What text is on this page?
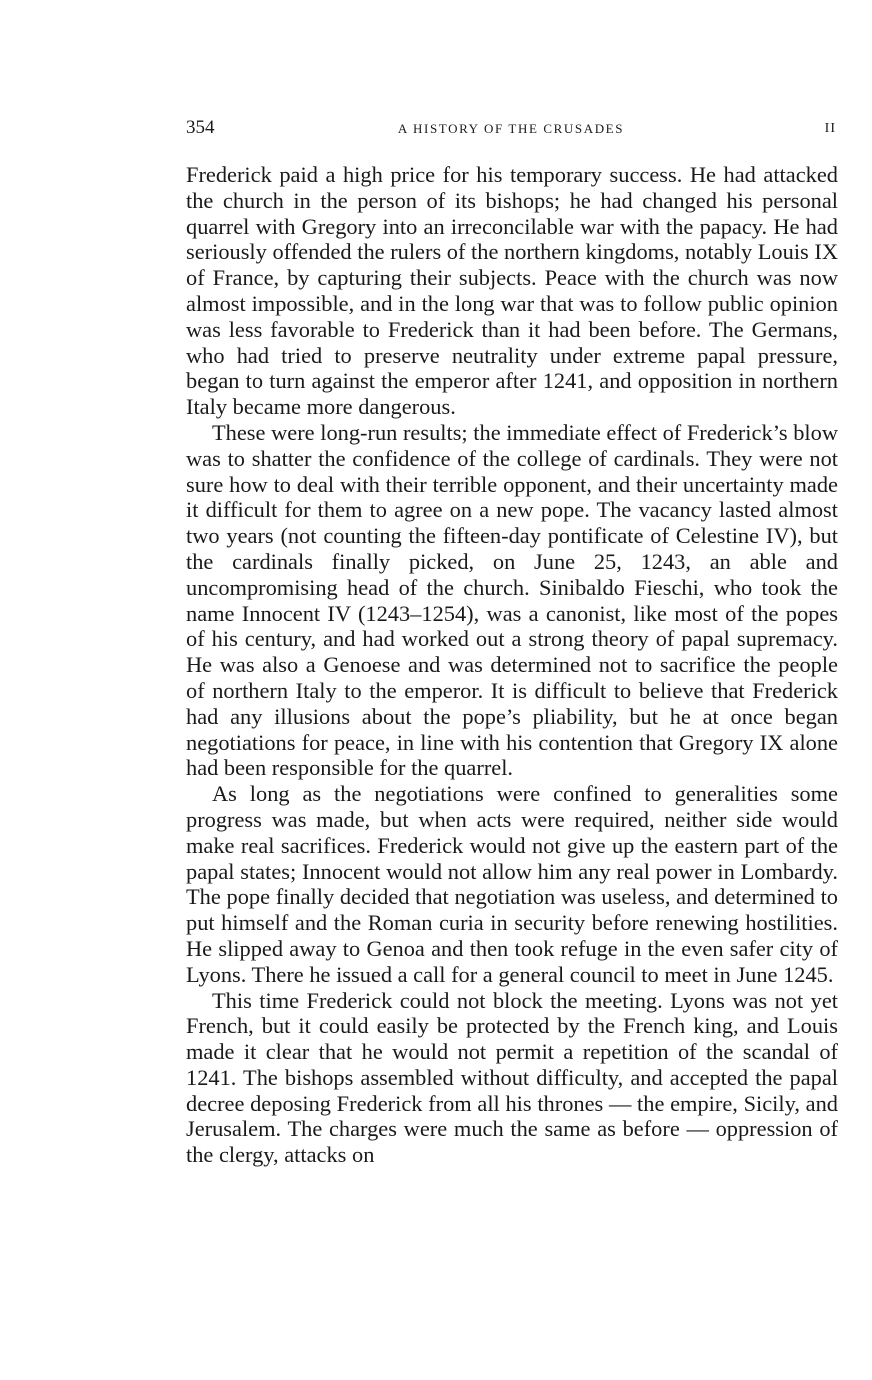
354	A HISTORY OF THE CRUSADES	II

Frederick paid a high price for his temporary success. He had attacked the church in the person of its bishops; he had changed his personal quarrel with Gregory into an irreconcilable war with the papacy. He had seriously offended the rulers of the northern kingdoms, notably Louis IX of France, by capturing their subjects. Peace with the church was now almost impossible, and in the long war that was to follow public opinion was less favorable to Frederick than it had been before. The Germans, who had tried to preserve neutrality under extreme papal pressure, began to turn against the emperor after 1241, and opposition in northern Italy became more dangerous.

These were long-run results; the immediate effect of Frederick’s blow was to shatter the confidence of the college of cardinals. They were not sure how to deal with their terrible opponent, and their uncertainty made it difficult for them to agree on a new pope. The vacancy lasted almost two years (not counting the fifteen-day pontificate of Celestine IV), but the cardinals finally picked, on June 25, 1243, an able and uncompromising head of the church. Sinibaldo Fieschi, who took the name Innocent IV (1243–1254), was a canonist, like most of the popes of his century, and had worked out a strong theory of papal supremacy. He was also a Genoese and was determined not to sacrifice the people of northern Italy to the emperor. It is difficult to believe that Frederick had any illusions about the pope’s pliability, but he at once began negotiations for peace, in line with his contention that Gregory IX alone had been responsible for the quarrel.

As long as the negotiations were confined to generalities some progress was made, but when acts were required, neither side would make real sacrifices. Frederick would not give up the eastern part of the papal states; Innocent would not allow him any real power in Lombardy. The pope finally decided that negotiation was useless, and determined to put himself and the Roman curia in security before renewing hostilities. He slipped away to Genoa and then took refuge in the even safer city of Lyons. There he issued a call for a general council to meet in June 1245.

This time Frederick could not block the meeting. Lyons was not yet French, but it could easily be protected by the French king, and Louis made it clear that he would not permit a repetition of the scandal of 1241. The bishops assembled without difficulty, and accepted the papal decree deposing Frederick from all his thrones — the empire, Sicily, and Jerusalem. The charges were much the same as before — oppression of the clergy, attacks on
